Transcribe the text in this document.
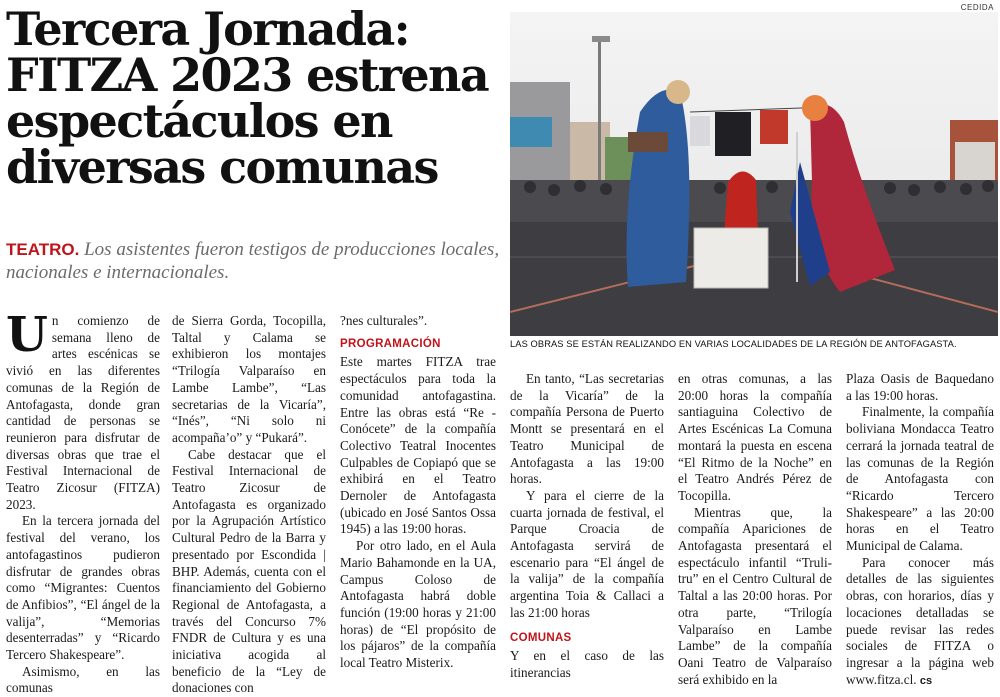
CEDIDA
Tercera Jornada:
FITZA 2023 estrena
espectáculos en
diversas comunas

TEATRO. Los asistentes fueron testigos de producciones locales, nacionales e internacionales.

LAS OBRAS SE ESTÁN REALIZANDO EN VARIAS LOCALIDADES DE LA REGIÓN DE ANTOFAGASTA.

Un comienzo de semana lleno de artes escénicas se vivió en las diferentes comunas de la Región de Antofagasta, donde gran cantidad de personas se reunieron para disfrutar de diversas obras que trae el Festival Internacional de Teatro Zicosur (FITZA) 2023.

En la tercera jornada del festival del verano, los antofagastinos pudieron disfrutar de grandes obras como “Migrantes: Cuentos de Anfibios”, “El ángel de la valija”, “Memorias desenterradas” y “Ricardo Tercero Shakespeare”.

Asimismo, en las comunas

de Sierra Gorda, Tocopilla, Taltal y Calama se exhibieron los montajes “Trilogía Valparaíso en Lambe Lambe”, “Las secretarias de la Vicaría”, “Inés”, “Ni solo ni acompaña’o” y “Pukará”.

Cabe destacar que el Festival Internacional de Teatro Zicosur de Antofagasta es organizado por la Agrupación Artístico Cultural Pedro de la Barra y presentado por Escondida | BHP. Además, cuenta con el financiamiento del Gobierno Regional de Antofagasta, a través del Concurso 7% FNDR de Cultura y es una iniciativa acogida al beneficio de la “Ley de donaciones con

?nes culturales”.

PROGRAMACIÓN

Este martes FITZA trae espectáculos para toda la comunidad antofagastina. Entre las obras está “Re - Conócete” de la compañía Colectivo Teatral Inocentes Culpables de Copiapó que se exhibirá en el Teatro Dernoler de Antofagasta (ubicado en José Santos Ossa 1945) a las 19:00 horas.

Por otro lado, en el Aula Mario Bahamonde en la UA, Campus Coloso de Antofagasta habrá doble función (19:00 horas y 21:00 horas) de “El propósito de los pájaros” de la compañía local Teatro Misterix.

En tanto, “Las secretarias de la Vicaría” de la compañía Persona de Puerto Montt se presentará en el Teatro Municipal de Antofagasta a las 19:00 horas.

Y para el cierre de la cuarta jornada de festival, el Parque Croacia de Antofagasta servirá de escenario para “El ángel de la valija” de la compañía argentina Toia & Callaci a las 21:00 horas

COMUNAS

Y en el caso de las itinerancias

en otras comunas, a las 20:00 horas la compañía santiaguina Colectivo de Artes Escénicas La Comuna montará la puesta en escena “El Ritmo de la Noche” en el Teatro Andrés Pérez de Tocopilla.

Mientras que, la compañía Apariciones de Antofagasta presentará el espectáculo infantil “Truli-tru” en el Centro Cultural de Taltal a las 20:00 horas. Por otra parte, “Trilogía Valparaíso en Lambe Lambe” de la compañía Oani Teatro de Valparaíso será exhibido en la

Plaza Oasis de Baquedano a las 19:00 horas.

Finalmente, la compañía boliviana Mondacca Teatro cerrará la jornada teatral de las comunas de la Región de Antofagasta con “Ricardo Tercero Shakespeare” a las 20:00 horas en el Teatro Municipal de Calama.

Para conocer más detalles de las siguientes obras, con horarios, días y locaciones detalladas se puede revisar las redes sociales de FITZA o ingresar a la página web www.fitza.cl. cs
